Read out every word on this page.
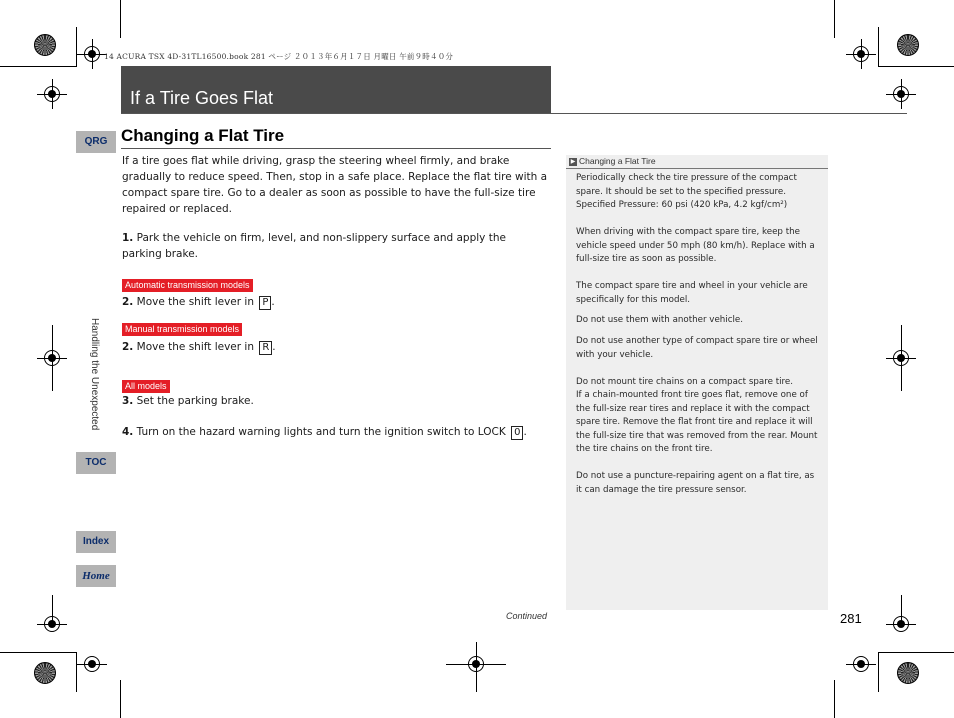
14 ACURA TSX 4D-31TL16500.book 281 ページ ２０１３年６月１７日 月曜日 午前９時４０分
If a Tire Goes Flat
QRG
Handling the Unexpected
TOC
Index
Home
Changing a Flat Tire
If a tire goes flat while driving, grasp the steering wheel firmly, and brake gradually to reduce speed. Then, stop in a safe place. Replace the flat tire with a compact spare tire. Go to a dealer as soon as possible to have the full-size tire repaired or replaced.
1. Park the vehicle on firm, level, and non-slippery surface and apply the parking brake.
Automatic transmission models
2. Move the shift lever in P .
Manual transmission models
2. Move the shift lever in R .
All models
3. Set the parking brake.
4. Turn on the hazard warning lights and turn the ignition switch to LOCK 0 .
▶ Changing a Flat Tire
Periodically check the tire pressure of the compact spare. It should be set to the specified pressure.
Specified Pressure: 60 psi (420 kPa, 4.2 kgf/cm²)
When driving with the compact spare tire, keep the vehicle speed under 50 mph (80 km/h). Replace with a full-size tire as soon as possible.
The compact spare tire and wheel in your vehicle are specifically for this model.
Do not use them with another vehicle.
Do not use another type of compact spare tire or wheel with your vehicle.
Do not mount tire chains on a compact spare tire.
If a chain-mounted front tire goes flat, remove one of the full-size rear tires and replace it with the compact spare tire. Remove the flat front tire and replace it will the full-size tire that was removed from the rear. Mount the tire chains on the front tire.
Do not use a puncture-repairing agent on a flat tire, as it can damage the tire pressure sensor.
Continued	281
